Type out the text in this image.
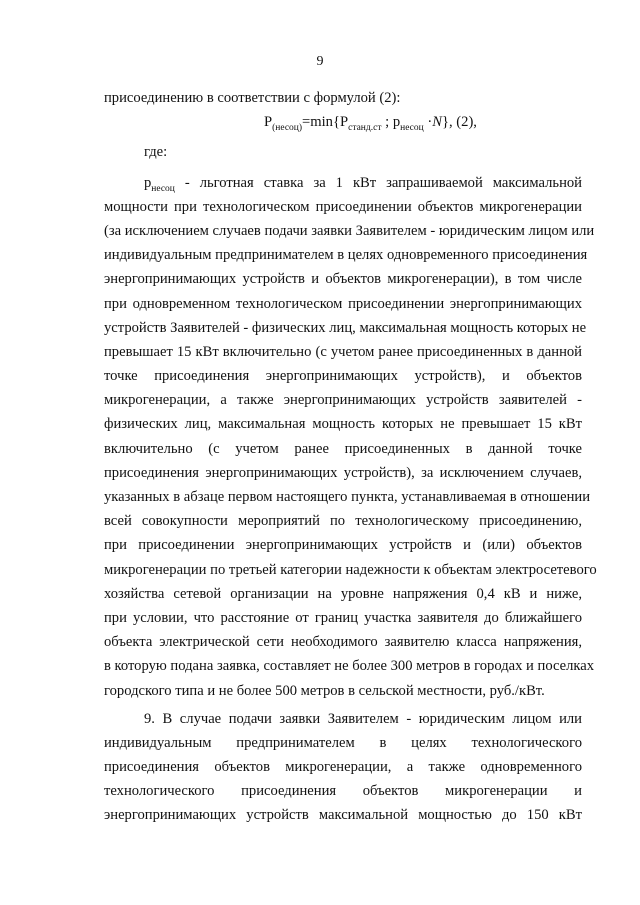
9
присоединению в соответствии с формулой (2):
$P_{(несоц)}=\min\{P_{станд.ст}$ ; $p_{несоц} \cdot N$}, (2),
где:
$p_{несоц}$ - льготная ставка за 1 кВт запрашиваемой максимальной
мощности при технологическом присоединении объектов микрогенерации
(за исключением случаев подачи заявки Заявителем - юридическим лицом или
индивидуальным предпринимателем в целях одновременного присоединения
энергопринимающих устройств и объектов микрогенерации), в том числе
при одновременном технологическом присоединении энергопринимающих
устройств Заявителей - физических лиц, максимальная мощность которых не
превышает 15 кВт включительно (с учетом ранее присоединенных в данной
точке присоединения энергопринимающих устройств), и объектов
микрогенерации, а также энергопринимающих устройств заявителей -
физических лиц, максимальная мощность которых не превышает 15 кВт
включительно (с учетом ранее присоединенных в данной точке
присоединения энергопринимающих устройств), за исключением случаев,
указанных в абзаце первом настоящего пункта, устанавливаемая в отношении
всей совокупности мероприятий по технологическому присоединению,
при присоединении энергопринимающих устройств и (или) объектов
микрогенерации по третьей категории надежности к объектам электросетевого
хозяйства сетевой организации на уровне напряжения 0,4 кВ и ниже,
при условии, что расстояние от границ участка заявителя до ближайшего
объекта электрической сети необходимого заявителю класса напряжения,
в которую подана заявка, составляет не более 300 метров в городах и поселках
городского типа и не более 500 метров в сельской местности, руб./кВт.
9. В случае подачи заявки Заявителем - юридическим лицом или
индивидуальным предпринимателем в целях технологического
присоединения объектов микрогенерации, а также одновременного
технологического присоединения объектов микрогенерации и
энергопринимающих устройств максимальной мощностью до 150 кВт
